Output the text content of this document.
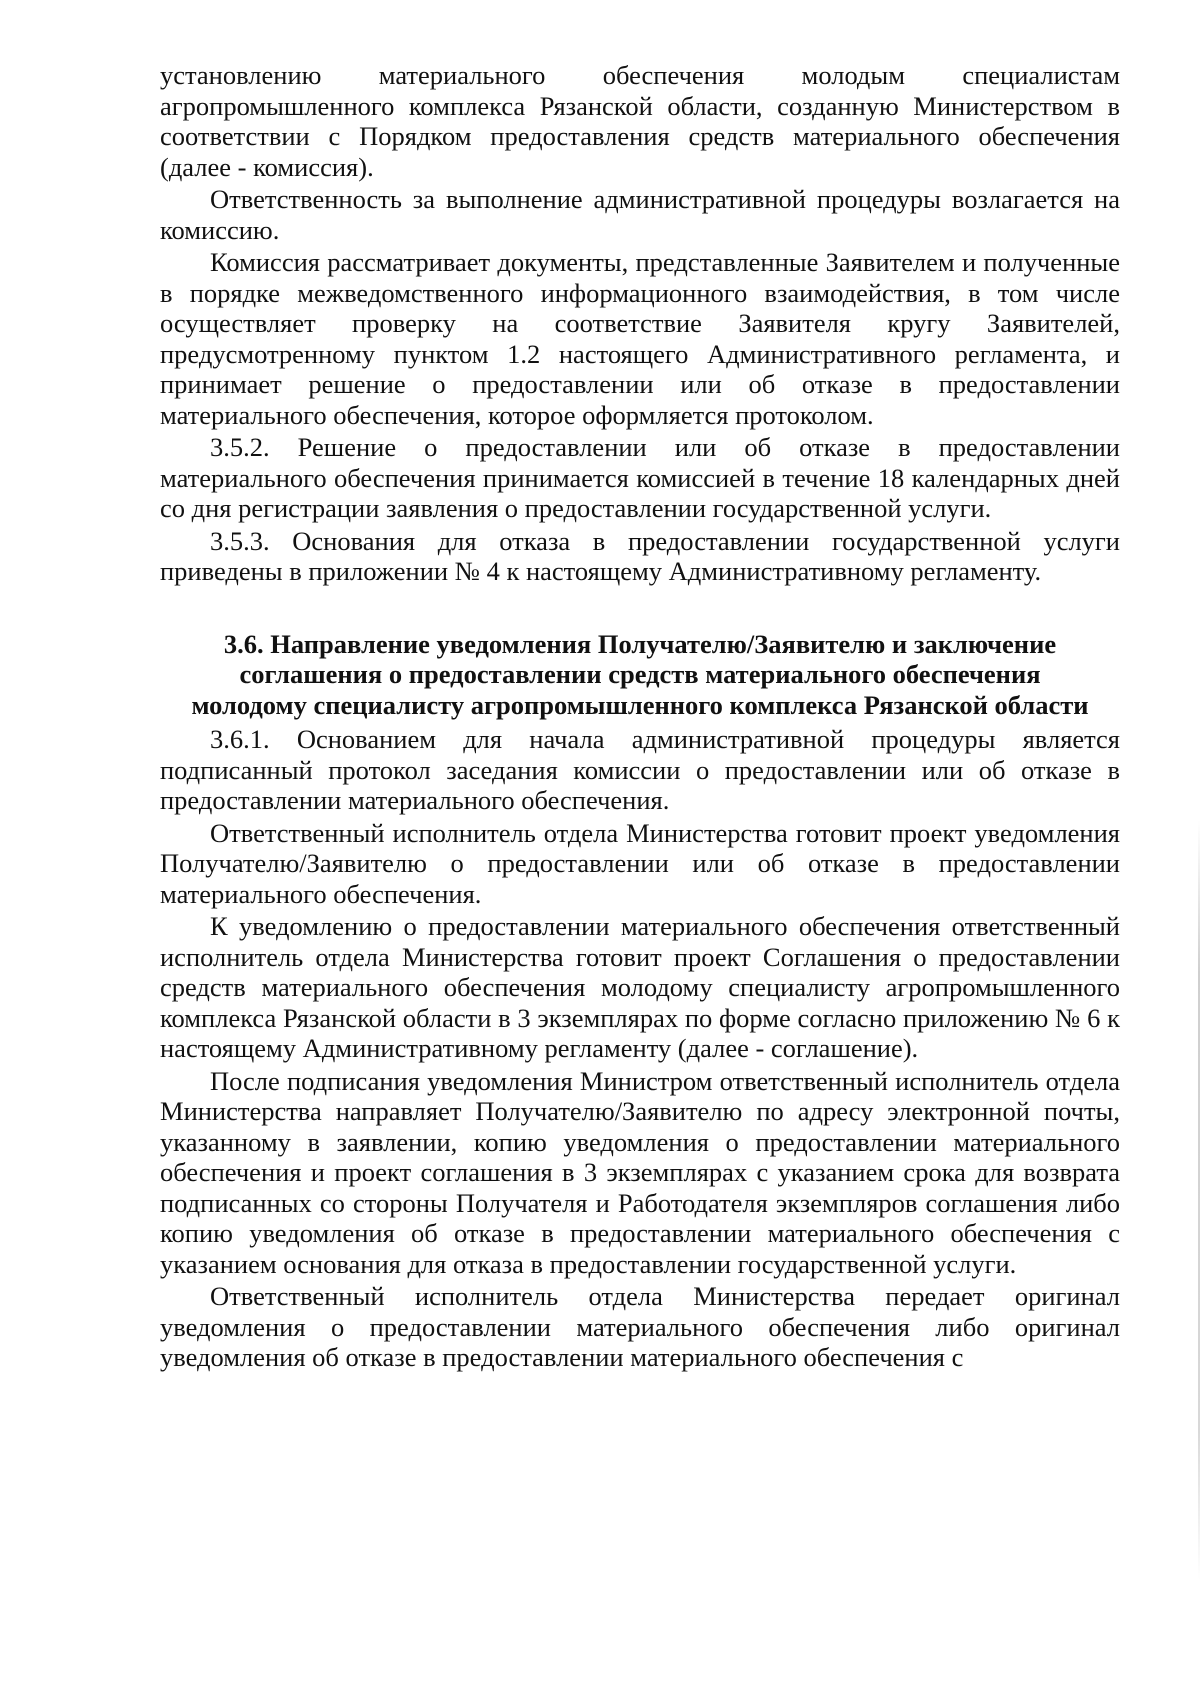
установлению материального обеспечения молодым специалистам агропромышленного комплекса Рязанской области, созданную Министерством в соответствии с Порядком предоставления средств материального обеспечения (далее - комиссия).

Ответственность за выполнение административной процедуры возлагается на комиссию.

Комиссия рассматривает документы, представленные Заявителем и полученные в порядке межведомственного информационного взаимодействия, в том числе осуществляет проверку на соответствие Заявителя кругу Заявителей, предусмотренному пунктом 1.2 настоящего Административного регламента, и принимает решение о предоставлении или об отказе в предоставлении материального обеспечения, которое оформляется протоколом.

3.5.2. Решение о предоставлении или об отказе в предоставлении материального обеспечения принимается комиссией в течение 18 календарных дней со дня регистрации заявления о предоставлении государственной услуги.

3.5.3. Основания для отказа в предоставлении государственной услуги приведены в приложении № 4 к настоящему Административному регламенту.

3.6. Направление уведомления Получателю/Заявителю и заключение соглашения о предоставлении средств материального обеспечения молодому специалисту агропромышленного комплекса Рязанской области

3.6.1. Основанием для начала административной процедуры является подписанный протокол заседания комиссии о предоставлении или об отказе в предоставлении материального обеспечения.

Ответственный исполнитель отдела Министерства готовит проект уведомления Получателю/Заявителю о предоставлении или об отказе в предоставлении материального обеспечения.

К уведомлению о предоставлении материального обеспечения ответственный исполнитель отдела Министерства готовит проект Соглашения о предоставлении средств материального обеспечения молодому специалисту агропромышленного комплекса Рязанской области в 3 экземплярах по форме согласно приложению № 6 к настоящему Административному регламенту (далее - соглашение).

После подписания уведомления Министром ответственный исполнитель отдела Министерства направляет Получателю/Заявителю по адресу электронной почты, указанному в заявлении, копию уведомления о предоставлении материального обеспечения и проект соглашения в 3 экземплярах с указанием срока для возврата подписанных со стороны Получателя и Работодателя экземпляров соглашения либо копию уведомления об отказе в предоставлении материального обеспечения с указанием основания для отказа в предоставлении государственной услуги.

Ответственный исполнитель отдела Министерства передает оригинал уведомления о предоставлении материального обеспечения либо оригинал уведомления об отказе в предоставлении материального обеспечения с
